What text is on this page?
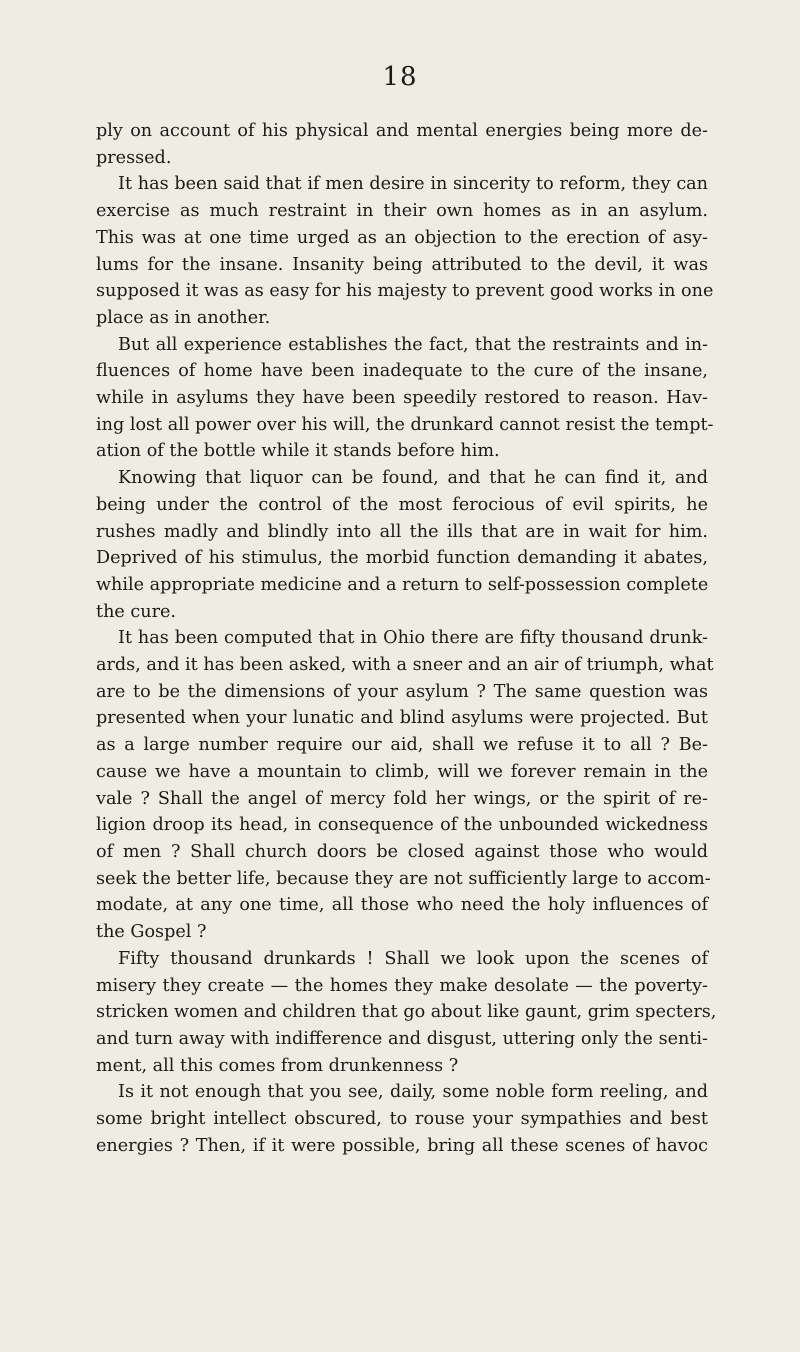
18
ply on account of his physical and mental energies being more de-
pressed.
It has been said that if men desire in sincerity to reform, they can
exercise as much restraint in their own homes as in an asylum.
This was at one time urged as an objection to the erection of asy-
lums for the insane. Insanity being attributed to the devil, it was
supposed it was as easy for his majesty to prevent good works in one
place as in another.
But all experience establishes the fact, that the restraints and in-
fluences of home have been inadequate to the cure of the insane,
while in asylums they have been speedily restored to reason. Hav-
ing lost all power over his will, the drunkard cannot resist the tempt-
ation of the bottle while it stands before him.
Knowing that liquor can be found, and that he can find it, and
being under the control of the most ferocious of evil spirits, he
rushes madly and blindly into all the ills that are in wait for him.
Deprived of his stimulus, the morbid function demanding it abates,
while appropriate medicine and a return to self-possession complete
the cure.
It has been computed that in Ohio there are fifty thousand drunk-
ards, and it has been asked, with a sneer and an air of triumph, what
are to be the dimensions of your asylum ? The same question was
presented when your lunatic and blind asylums were projected. But
as a large number require our aid, shall we refuse it to all ? Be-
cause we have a mountain to climb, will we forever remain in the
vale ? Shall the angel of mercy fold her wings, or the spirit of re-
ligion droop its head, in consequence of the unbounded wickedness
of men ? Shall church doors be closed against those who would
seek the better life, because they are not sufficiently large to accom-
modate, at any one time, all those who need the holy influences of
the Gospel ?
Fifty thousand drunkards ! Shall we look upon the scenes of
misery they create — the homes they make desolate — the poverty-
stricken women and children that go about like gaunt, grim specters,
and turn away with indifference and disgust, uttering only the senti-
ment, all this comes from drunkenness ?
Is it not enough that you see, daily, some noble form reeling, and
some bright intellect obscured, to rouse your sympathies and best
energies ? Then, if it were possible, bring all these scenes of havoc
